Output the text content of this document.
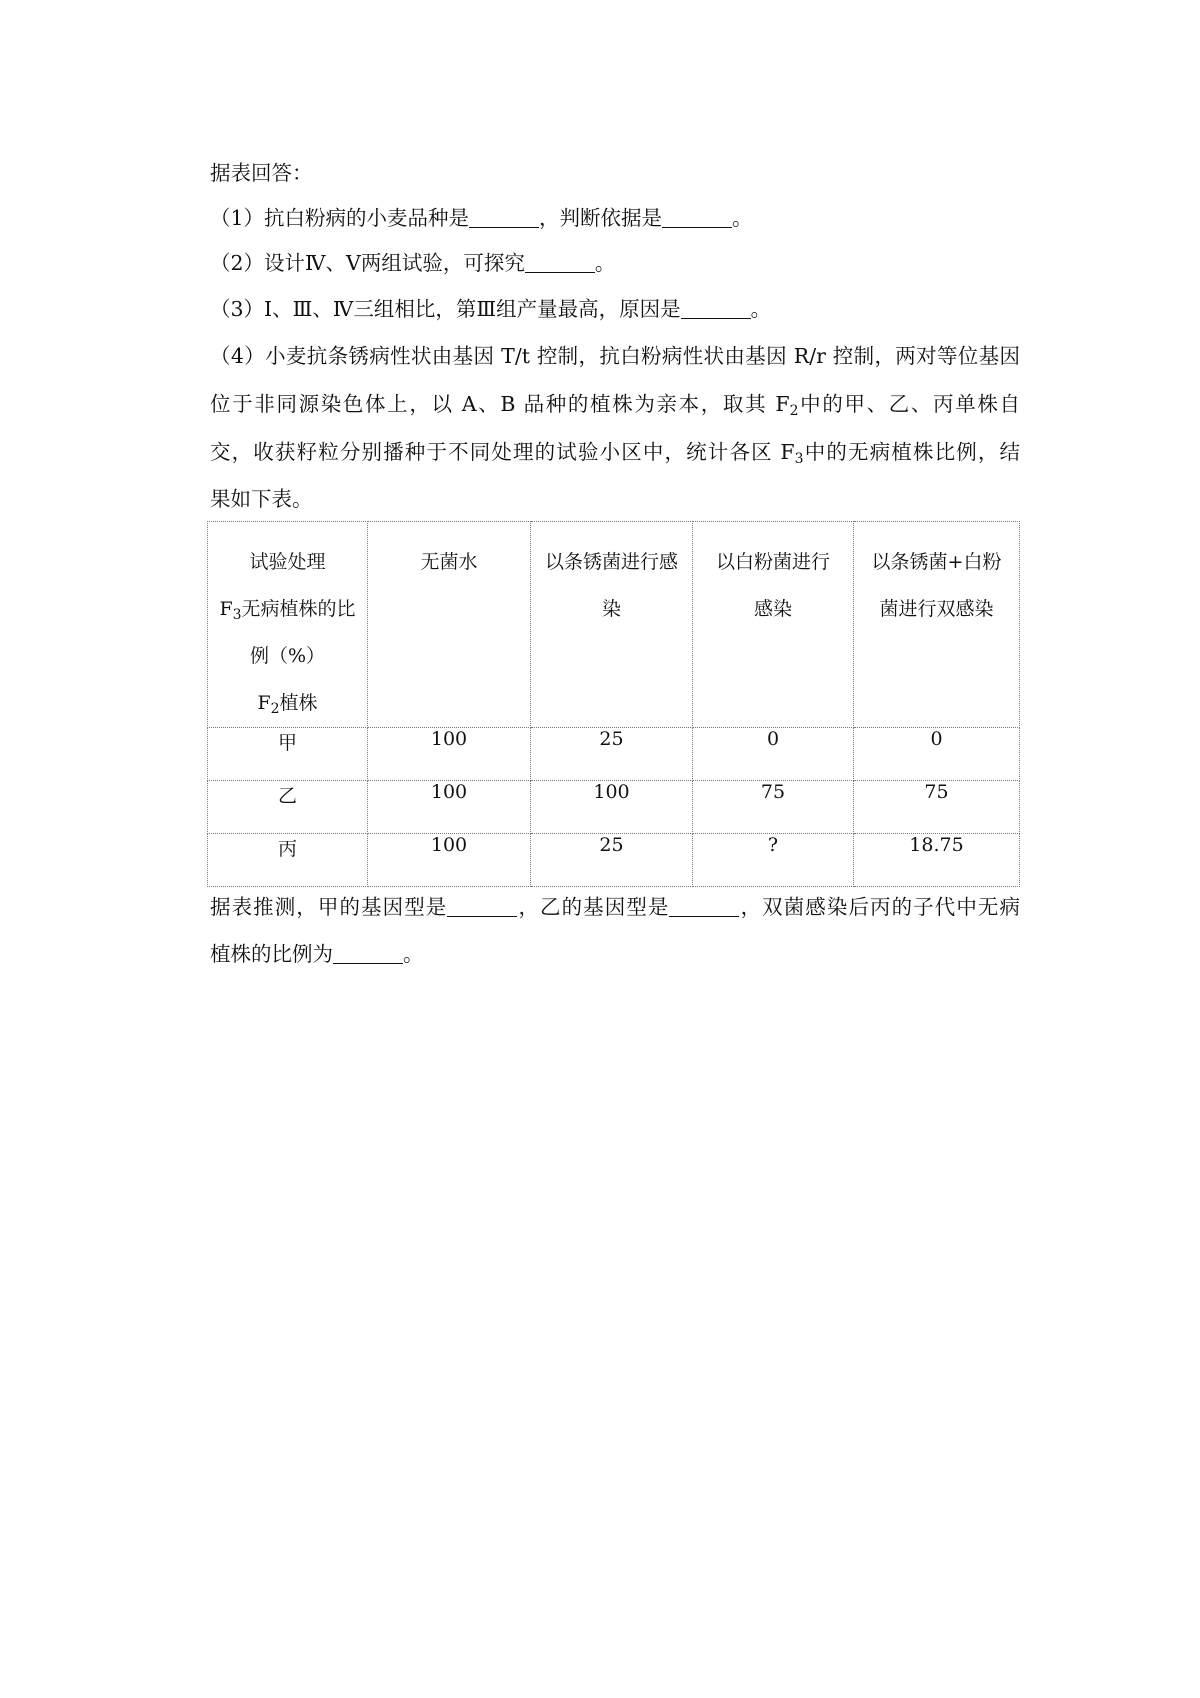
据表回答：
（1）抗白粉病的小麦品种是	，判断依据是	。
（2）设计Ⅳ、Ⅴ两组试验，可探究	。
（3）Ⅰ、Ⅲ、Ⅳ三组相比，第Ⅲ组产量最高，原因是	。
（4）小麦抗条锈病性状由基因 T/t 控制，抗白粉病性状由基因 R/r 控制，两对等位基因
位于非同源染色体上，以 A、B 品种的植株为亲本，取其 $F_2$中的甲、乙、丙单株自
交，收获籽粒分别播种于不同处理的试验小区中，统计各区 $F_3$中的无病植株比例，结
果如下表。
试验处理
$F_3$无病植株的比
例（%）
$F_2$植株	无菌水	以条锈菌进行感染	以白粉菌进行感染	以条锈菌+白粉菌进行双感染

甲	100	25	0	0
乙	100	100	75	75
丙	100	25	?	18.75
据表推测，甲的基因型是	，乙的基因型是	，双菌感染后丙的子代中无病
植株的比例为	。
